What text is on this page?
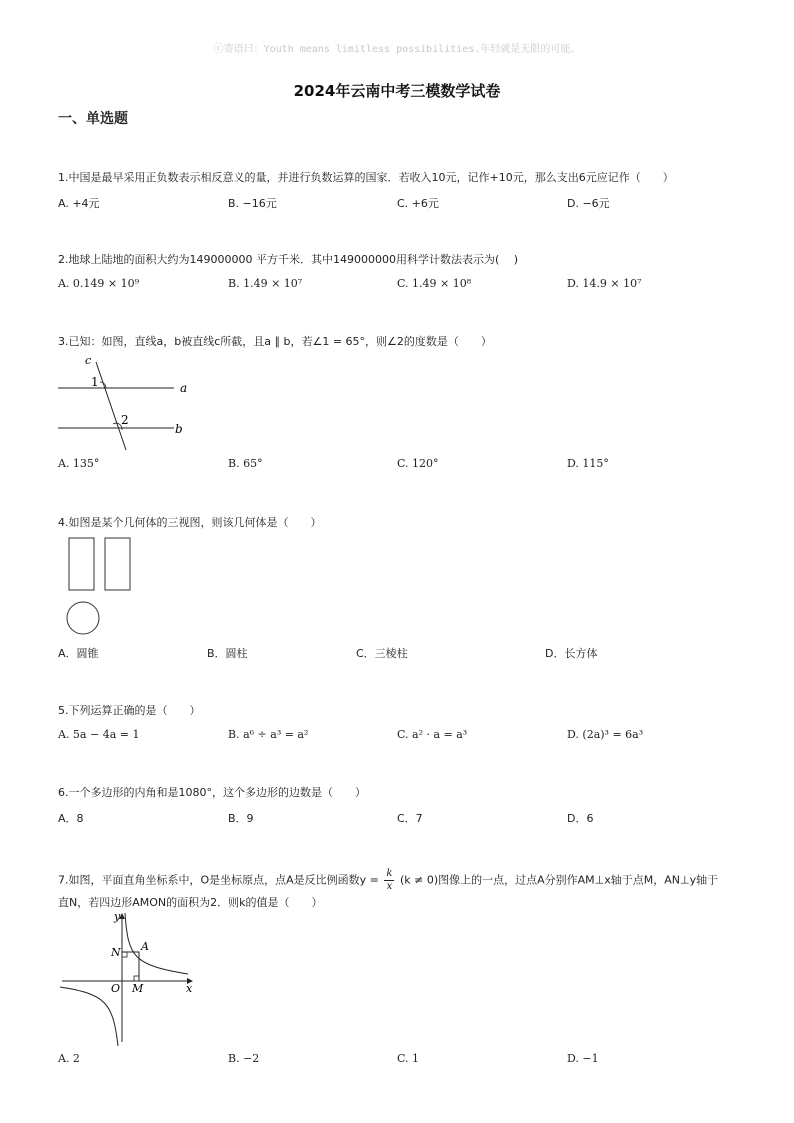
ⓒ寄语曰：Youth means limitless possibilities.年轻就是无限的可能。
2024年云南中考三模数学试卷
一、单选题
1.中国是最早采用正负数表示相反意义的量，并进行负数运算的国家．若收入10元，记作+10元，那么支出6元应记作（　　）
A. +4元	B. −16元	C. +6元	D. −6元
2.地球上陆地的面积大约为149000000 平方千米．其中149000000用科学计数法表示为(　 )
A. 0.149 × 10⁹	B. 1.49 × 10⁷	C. 1.49 × 10⁸	D. 14.9 × 10⁷
3.已知：如图，直线a，b被直线c所截，且a ∥ b，若∠1 = 65°，则∠2的度数是（　　）
c
a
b
1
2
A. 135°	B. 65°	C. 120°	D. 115°
4.如图是某个几何体的三视图，则该几何体是（　　）
A．圆锥	B．圆柱	C．三棱柱	D．长方体
5.下列运算正确的是（　　）
A. 5a − 4a = 1	B. a⁶ ÷ a³ = a²	C. a² · a = a³	D. (2a)³ = 6a³
6.一个多边形的内角和是1080°，这个多边形的边数是（　　）
A．8	B．9	C．7	D．6
7.如图，平面直角坐标系中，O是坐标原点，点A是反比例函数$y = \frac{k}{x} (k \ne 0)$图像上的一点，过点A分别作AM⊥x轴于点M，AN⊥y轴于
直N，若四边形AMON的面积为2．则k的值是（　　）
y
x
N A
O M
A. 2	B. −2	C. 1	D. −1
